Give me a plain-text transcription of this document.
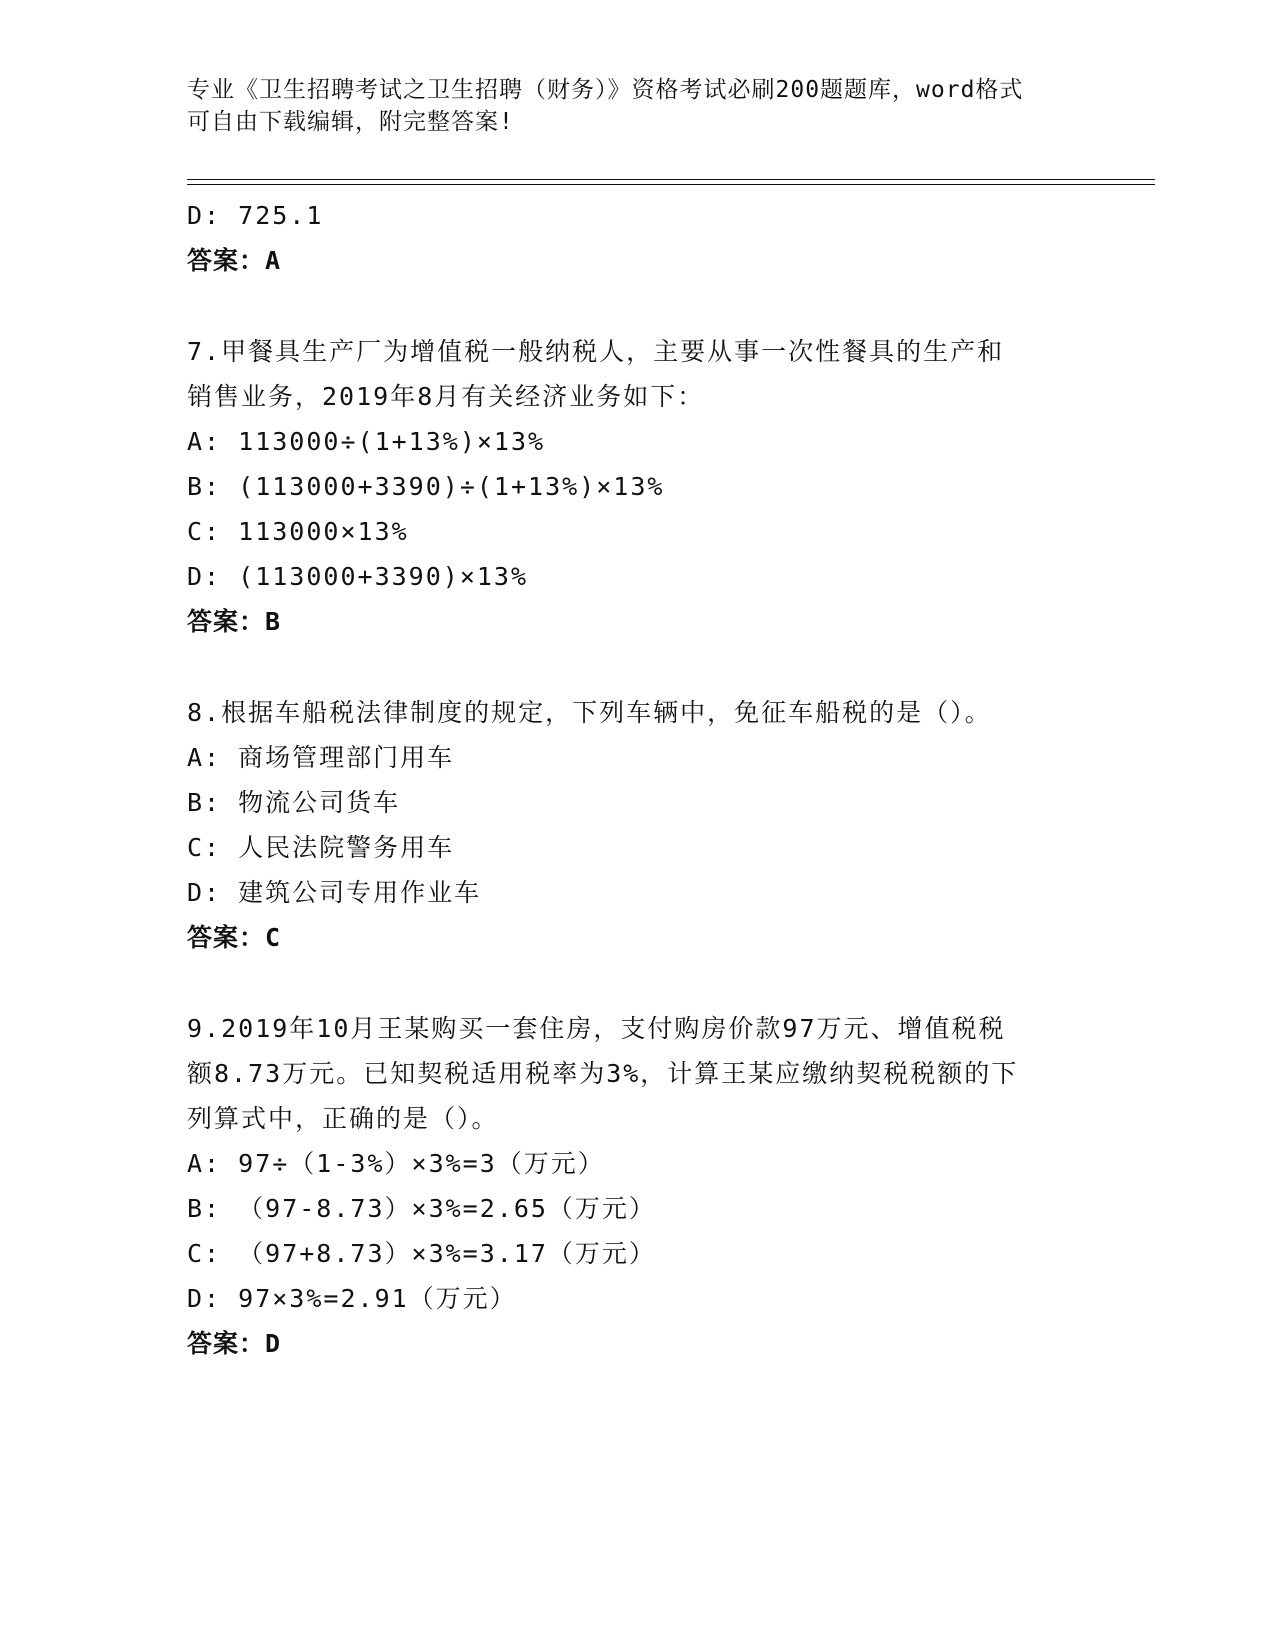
专业《卫生招聘考试之卫生招聘（财务）》资格考试必刷200题题库，word格式
可自由下载编辑，附完整答案!
D: 725.1
答案：A
7.甲餐具生产厂为增值税一般纳税人，主要从事一次性餐具的生产和
销售业务，2019年8月有关经济业务如下：
A: 113000÷(1+13%)×13%
B: (113000+3390)÷(1+13%)×13%
C: 113000×13%
D: (113000+3390)×13%
答案：B
8.根据车船税法律制度的规定，下列车辆中，免征车船税的是（）。
A: 商场管理部门用车
B: 物流公司货车
C: 人民法院警务用车
D: 建筑公司专用作业车
答案：C
9.2019年10月王某购买一套住房，支付购房价款97万元、增值税税
额8.73万元。已知契税适用税率为3%，计算王某应缴纳契税税额的下
列算式中，正确的是（）。
A: 97÷（1-3%）×3%=3（万元）
B: （97-8.73）×3%=2.65（万元）
C: （97+8.73）×3%=3.17（万元）
D: 97×3%=2.91（万元）
答案：D
